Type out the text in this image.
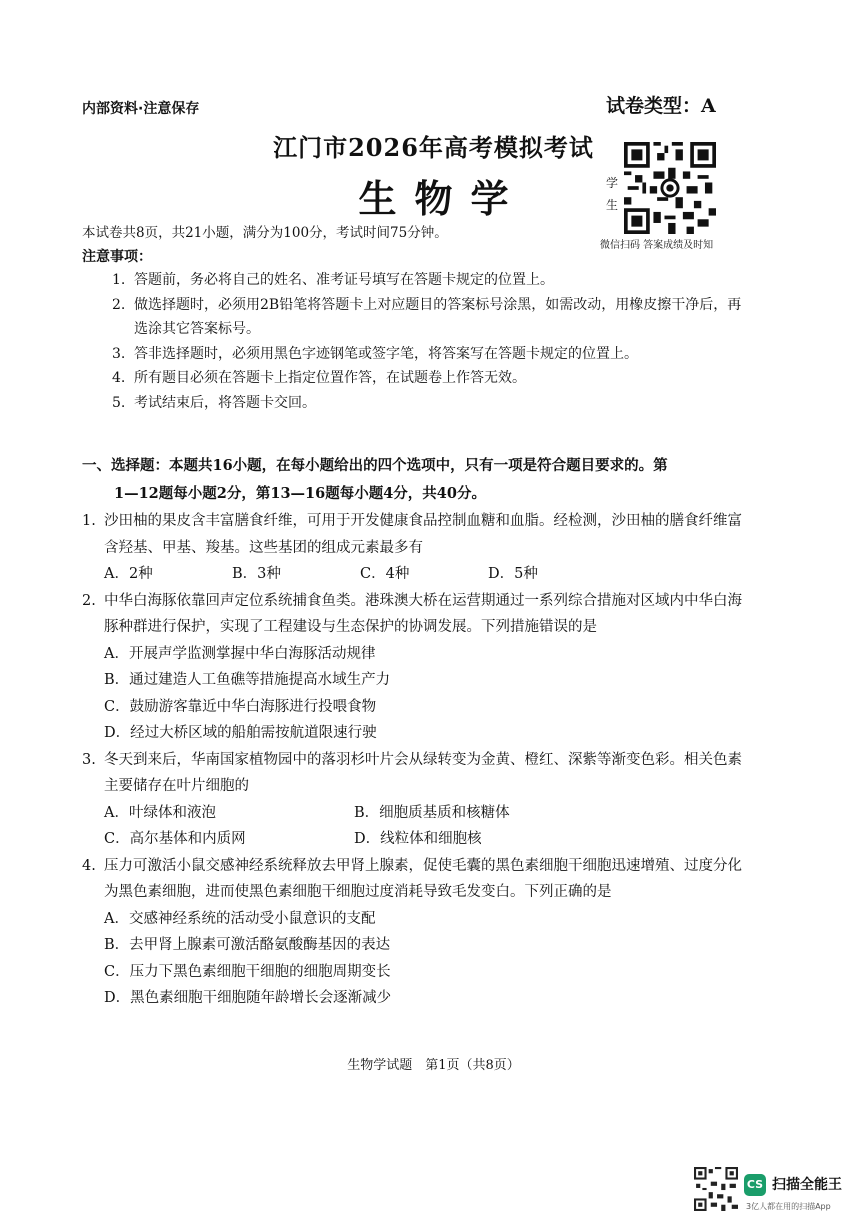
内部资料·注意保存	试卷类型：A
江门市2026年高考模拟考试
生物学	学生
微信扫码 答案成绩及时知
本试卷共8页，共21小题，满分为100分，考试时间75分钟。
注意事项：
1. 答题前，务必将自己的姓名、准考证号填写在答题卡规定的位置上。
2. 做选择题时，必须用2B铅笔将答题卡上对应题目的答案标号涂黑，如需改动，用橡皮擦干净后，再选涂其它答案标号。
3. 答非选择题时，必须用黑色字迹钢笔或签字笔，将答案写在答题卡规定的位置上。
4. 所有题目必须在答题卡上指定位置作答，在试题卷上作答无效。
5. 考试结束后，将答题卡交回。
一、选择题：本题共16小题，在每小题给出的四个选项中，只有一项是符合题目要求的。第
1—12题每小题2分，第13—16题每小题4分，共40分。
1. 沙田柚的果皮含丰富膳食纤维，可用于开发健康食品控制血糖和血脂。经检测，沙田柚的膳食纤维富含羟基、甲基、羧基。这些基团的组成元素最多有
A．2种	B．3种	C．4种	D．5种
2. 中华白海豚依靠回声定位系统捕食鱼类。港珠澳大桥在运营期通过一系列综合措施对区域内中华白海豚种群进行保护，实现了工程建设与生态保护的协调发展。下列措施错误的是
A．开展声学监测掌握中华白海豚活动规律
B．通过建造人工鱼礁等措施提高水域生产力
C．鼓励游客靠近中华白海豚进行投喂食物
D．经过大桥区域的船舶需按航道限速行驶
3. 冬天到来后，华南国家植物园中的落羽杉叶片会从绿转变为金黄、橙红、深紫等渐变色彩。相关色素主要储存在叶片细胞的
A．叶绿体和液泡	B．细胞质基质和核糖体
C．高尔基体和内质网	D．线粒体和细胞核
4. 压力可激活小鼠交感神经系统释放去甲肾上腺素，促使毛囊的黑色素细胞干细胞迅速增殖、过度分化为黑色素细胞，进而使黑色素细胞干细胞过度消耗导致毛发变白。下列正确的是
A．交感神经系统的活动受小鼠意识的支配
B．去甲肾上腺素可激活酪氨酸酶基因的表达
C．压力下黑色素细胞干细胞的细胞周期变长
D．黑色素细胞干细胞随年龄增长会逐渐减少
生物学试题　第1页（共8页）
CS 扫描全能王
3亿人都在用的扫描App
